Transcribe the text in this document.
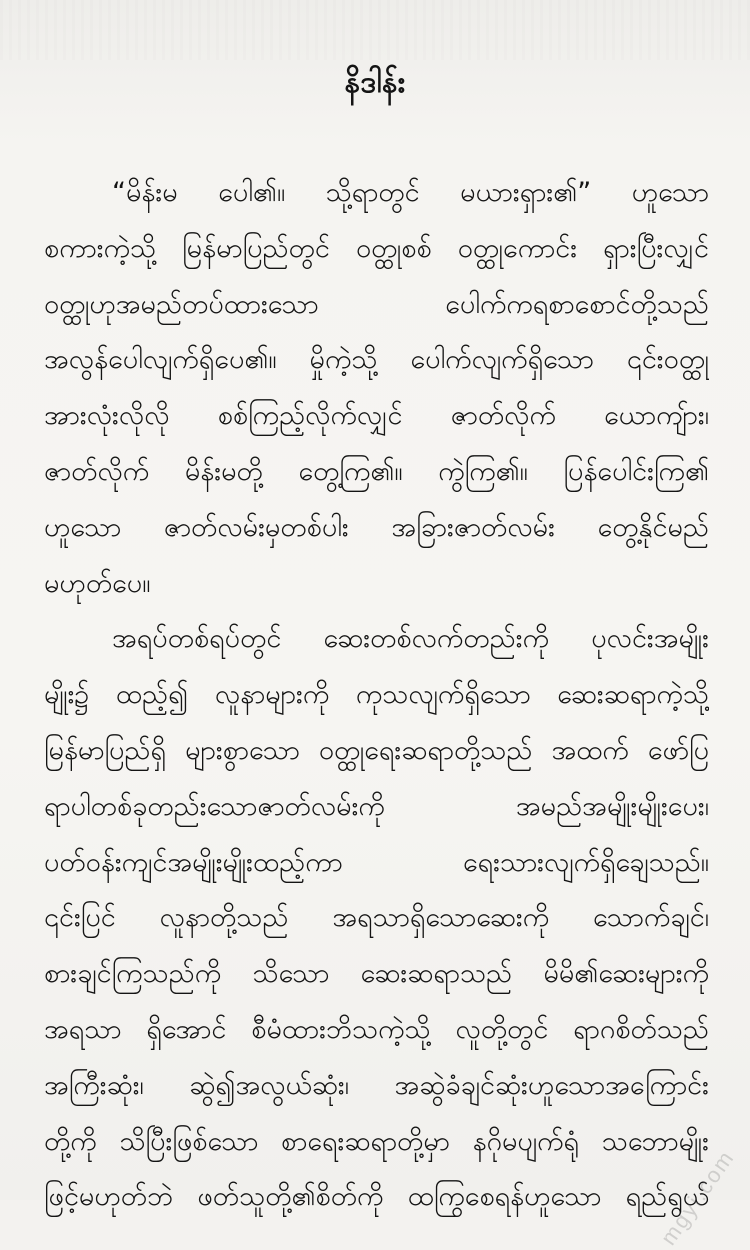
နိဒါန်း
“မိန်းမ ပေါ၏။ သို့ရာတွင် မယားရှား၏” ဟူသော
စကားကဲ့သို့ မြန်မာပြည်တွင် ဝတ္ထုစစ် ဝတ္ထုကောင်း ရှားပြီးလျှင်
ဝတ္ထုဟုအမည်တပ်ထားသော ပေါက်ကရစာစောင်တို့သည်
အလွန်ပေါလျက်ရှိပေ၏။ မှိုကဲ့သို့ ပေါက်လျက်ရှိသော ၎င်းဝတ္ထု
အားလုံးလိုလို စစ်ကြည့်လိုက်လျှင် ဇာတ်လိုက် ယောကျ်ား၊
ဇာတ်လိုက် မိန်းမတို့ တွေ့ကြ၏။ ကွဲကြ၏။ ပြန်ပေါင်းကြ၏
ဟူသော ဇာတ်လမ်းမှတစ်ပါး အခြားဇာတ်လမ်း တွေ့နိုင်မည်
မဟုတ်ပေ။
အရပ်တစ်ရပ်တွင် ဆေးတစ်လက်တည်းကို ပုလင်းအမျိုး
မျိုး၌ ထည့်၍ လူနာများကို ကုသလျက်ရှိသော ဆေးဆရာကဲ့သို့
မြန်မာပြည်ရှိ များစွာသော ဝတ္ထုရေးဆရာတို့သည် အထက် ဖော်ပြ
ရာပါတစ်ခုတည်းသောဇာတ်လမ်းကို အမည်အမျိုးမျိုးပေး၊
ပတ်ဝန်းကျင်အမျိုးမျိုးထည့်ကာ ရေးသားလျက်ရှိချေသည်။
၎င်းပြင် လူနာတို့သည် အရသာရှိသောဆေးကို သောက်ချင်၊
စားချင်ကြသည်ကို သိသော ဆေးဆရာသည် မိမိ၏ဆေးများကို
အရသာ ရှိအောင် စီမံထားဘိသကဲ့သို့ လူတို့တွင် ရာဂစိတ်သည်
အကြီးဆုံး၊ ဆွဲ၍အလွယ်ဆုံး၊ အဆွဲခံချင်ဆုံးဟူသောအကြောင်း
တို့ကို သိပြီးဖြစ်သော စာရေးဆရာတို့မှာ နဂိုမပျက်ရုံ သဘောမျိုး
ဖြင့်မဟုတ်ဘဲ ဖတ်သူတို့၏စိတ်ကို ထကြွစေရန်ဟူသော ရည်ရွယ်
mgyi.com
